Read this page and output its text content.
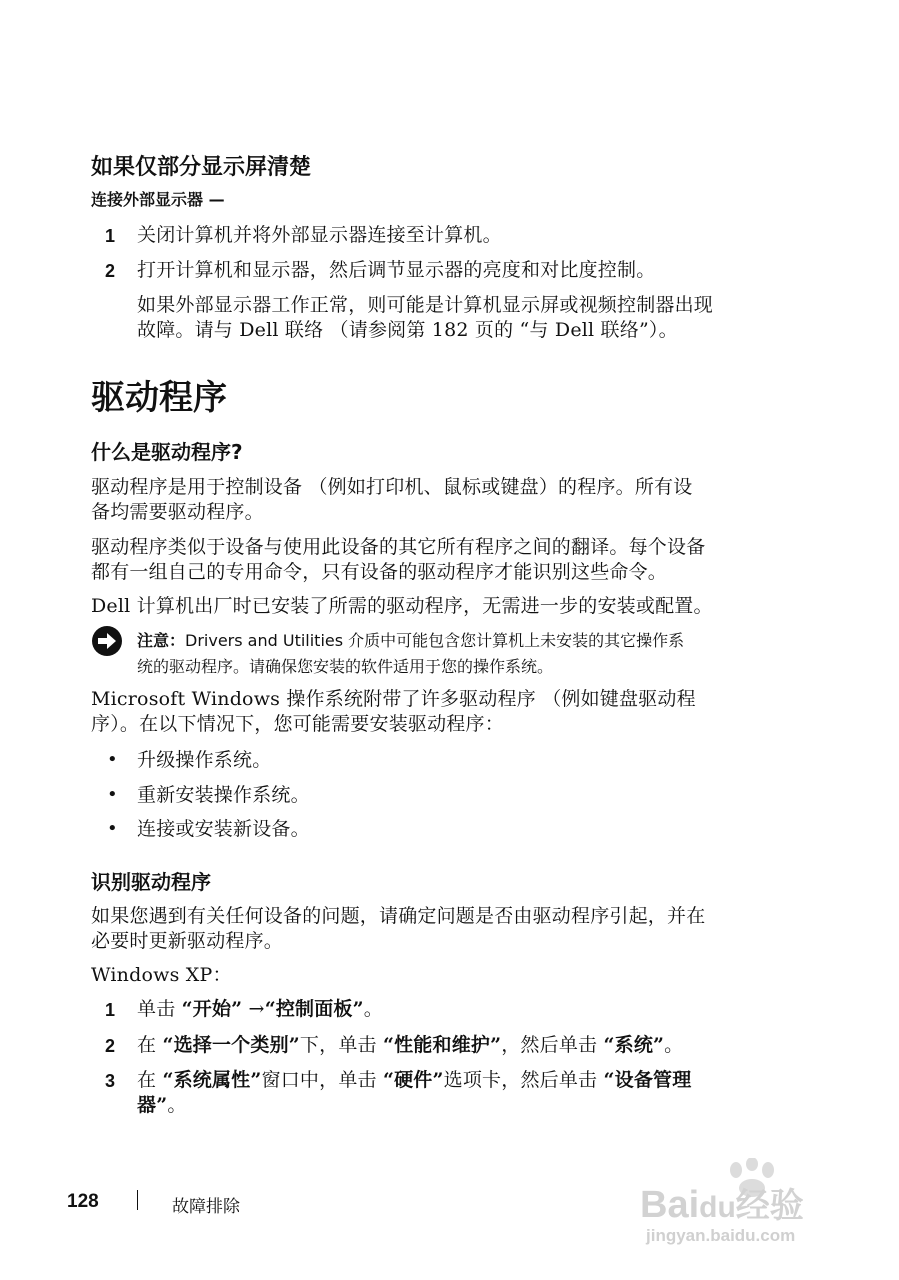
如果仅部分显示屏清楚
连接外部显示器 —
1 关闭计算机并将外部显示器连接至计算机。
2 打开计算机和显示器，然后调节显示器的亮度和对比度控制。
如果外部显示器工作正常，则可能是计算机显示屏或视频控制器出现
故障。请与 Dell 联络 （请参阅第 182 页的 “与 Dell 联络”）。
驱动程序
什么是驱动程序?
驱动程序是用于控制设备 （例如打印机、鼠标或键盘）的程序。所有设
备均需要驱动程序。
驱动程序类似于设备与使用此设备的其它所有程序之间的翻译。每个设备
都有一组自己的专用命令，只有设备的驱动程序才能识别这些命令。
Dell 计算机出厂时已安装了所需的驱动程序，无需进一步的安装或配置。
注意：Drivers and Utilities 介质中可能包含您计算机上未安装的其它操作系
统的驱动程序。请确保您安装的软件适用于您的操作系统。
Microsoft Windows 操作系统附带了许多驱动程序 （例如键盘驱动程
序）。在以下情况下，您可能需要安装驱动程序：
• 升级操作系统。
• 重新安装操作系统。
• 连接或安装新设备。
识别驱动程序
如果您遇到有关任何设备的问题，请确定问题是否由驱动程序引起，并在
必要时更新驱动程序。
Windows XP：
1 单击 “开始” →“控制面板”。
2 在 “选择一个类别”下，单击 “性能和维护”，然后单击 “系统”。
3 在 “系统属性”窗口中，单击 “硬件”选项卡，然后单击 “设备管理
器”。
128	故障排除	Baidu经验
jingyan.baidu.com
